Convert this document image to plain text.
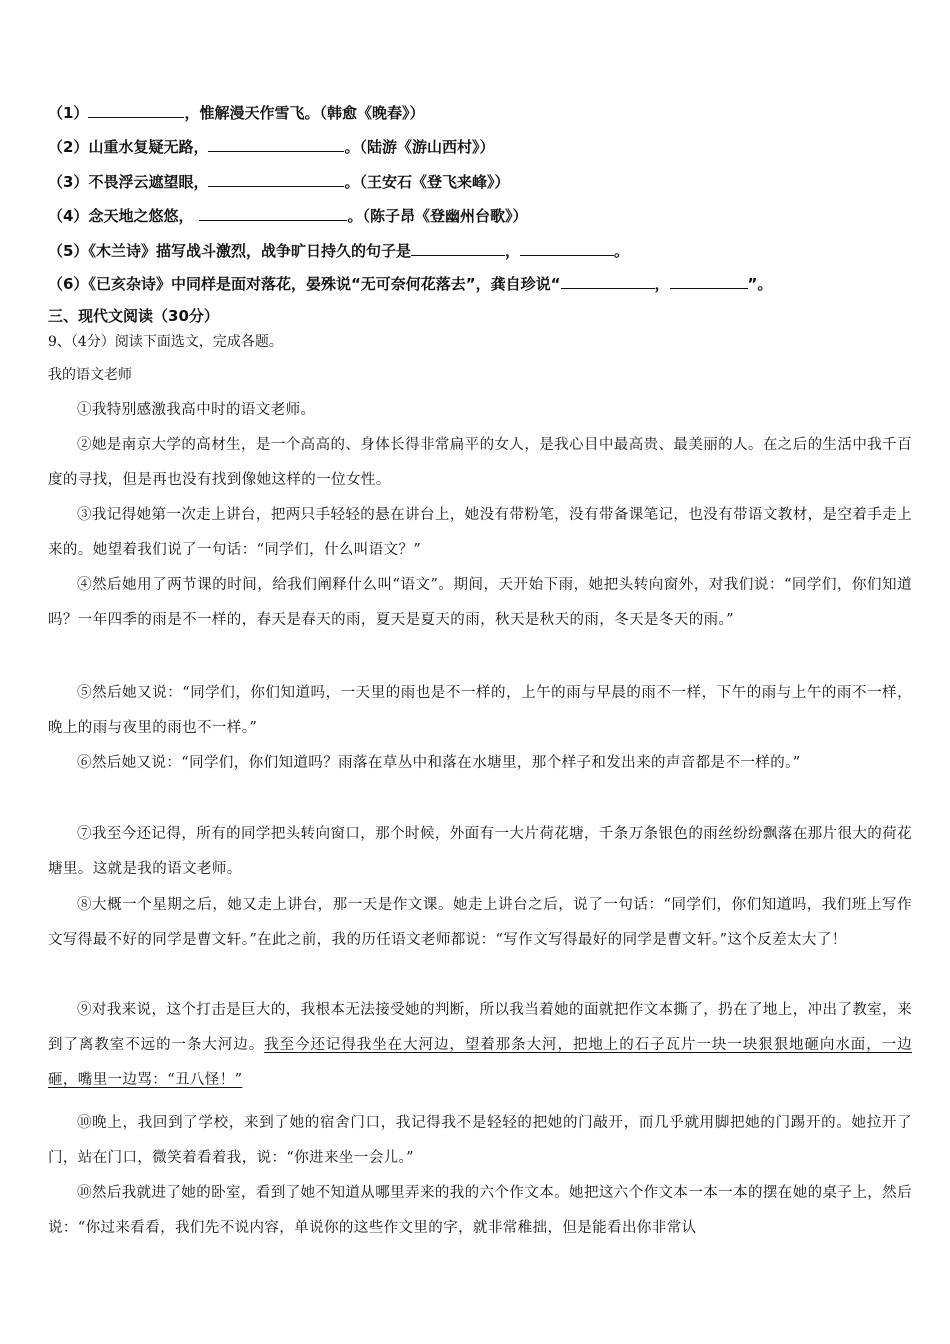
（1）	，惟解漫天作雪飞。（韩愈《晚春》）
（2）山重水复疑无路，	。（陆游《游山西村》）
（3）不畏浮云遮望眼，	。（王安石《登飞来峰》）
（4）念天地之悠悠，	。（陈子昂《登幽州台歌》）
（5）《木兰诗》描写战斗激烈，战争旷日持久的句子是	，	。
（6）《已亥杂诗》中同样是面对落花，晏殊说“无可奈何花落去”，龚自珍说“	，	”。
三、现代文阅读（30分）
9、（4分）阅读下面选文，完成各题。
我的语文老师
①我特别感激我高中时的语文老师。
②她是南京大学的高材生，是一个高高的、身体长得非常扁平的女人，是我心目中最高贵、最美丽的人。在之后的生活中我千百度的寻找，但是再也没有找到像她这样的一位女性。
③我记得她第一次走上讲台，把两只手轻轻的悬在讲台上，她没有带粉笔，没有带备课笔记，也没有带语文教材，是空着手走上来的。她望着我们说了一句话：“同学们，什么叫语文？”
④然后她用了两节课的时间，给我们阐释什么叫“语文”。期间，天开始下雨，她把头转向窗外，对我们说：“同学们，你们知道吗？一年四季的雨是不一样的，春天是春天的雨，夏天是夏天的雨，秋天是秋天的雨，冬天是冬天的雨。”
⑤然后她又说：“同学们，你们知道吗，一天里的雨也是不一样的，上午的雨与早晨的雨不一样，下午的雨与上午的雨不一样，晚上的雨与夜里的雨也不一样。”
⑥然后她又说：“同学们，你们知道吗？雨落在草丛中和落在水塘里，那个样子和发出来的声音都是不一样的。”
⑦我至今还记得，所有的同学把头转向窗口，那个时候，外面有一大片荷花塘，千条万条银色的雨丝纷纷飘落在那片很大的荷花塘里。这就是我的语文老师。
⑧大概一个星期之后，她又走上讲台，那一天是作文课。她走上讲台之后，说了一句话：“同学们，你们知道吗，我们班上写作文写得最不好的同学是曹文轩。”在此之前，我的历任语文老师都说：“写作文写得最好的同学是曹文轩。”这个反差太大了！
⑨对我来说，这个打击是巨大的，我根本无法接受她的判断，所以我当着她的面就把作文本撕了，扔在了地上，冲出了教室，来到了离教室不远的一条大河边。我至今还记得我坐在大河边，望着那条大河，把地上的石子瓦片一块一块狠狠地砸向水面，一边砸，嘴里一边骂：“丑八怪！”
⑩晚上，我回到了学校，来到了她的宿舍门口，我记得我不是轻轻的把她的门敲开，而几乎就用脚把她的门踢开的。她拉开了门，站在门口，微笑着看着我，说：“你进来坐一会儿。”
⑩然后我就进了她的卧室，看到了她不知道从哪里弄来的我的六个作文本。她把这六个作文本一本一本的摆在她的桌子上，然后说：“你过来看看，我们先不说内容，单说你的这些作文里的字，就非常稚拙，但是能看出你非常认
